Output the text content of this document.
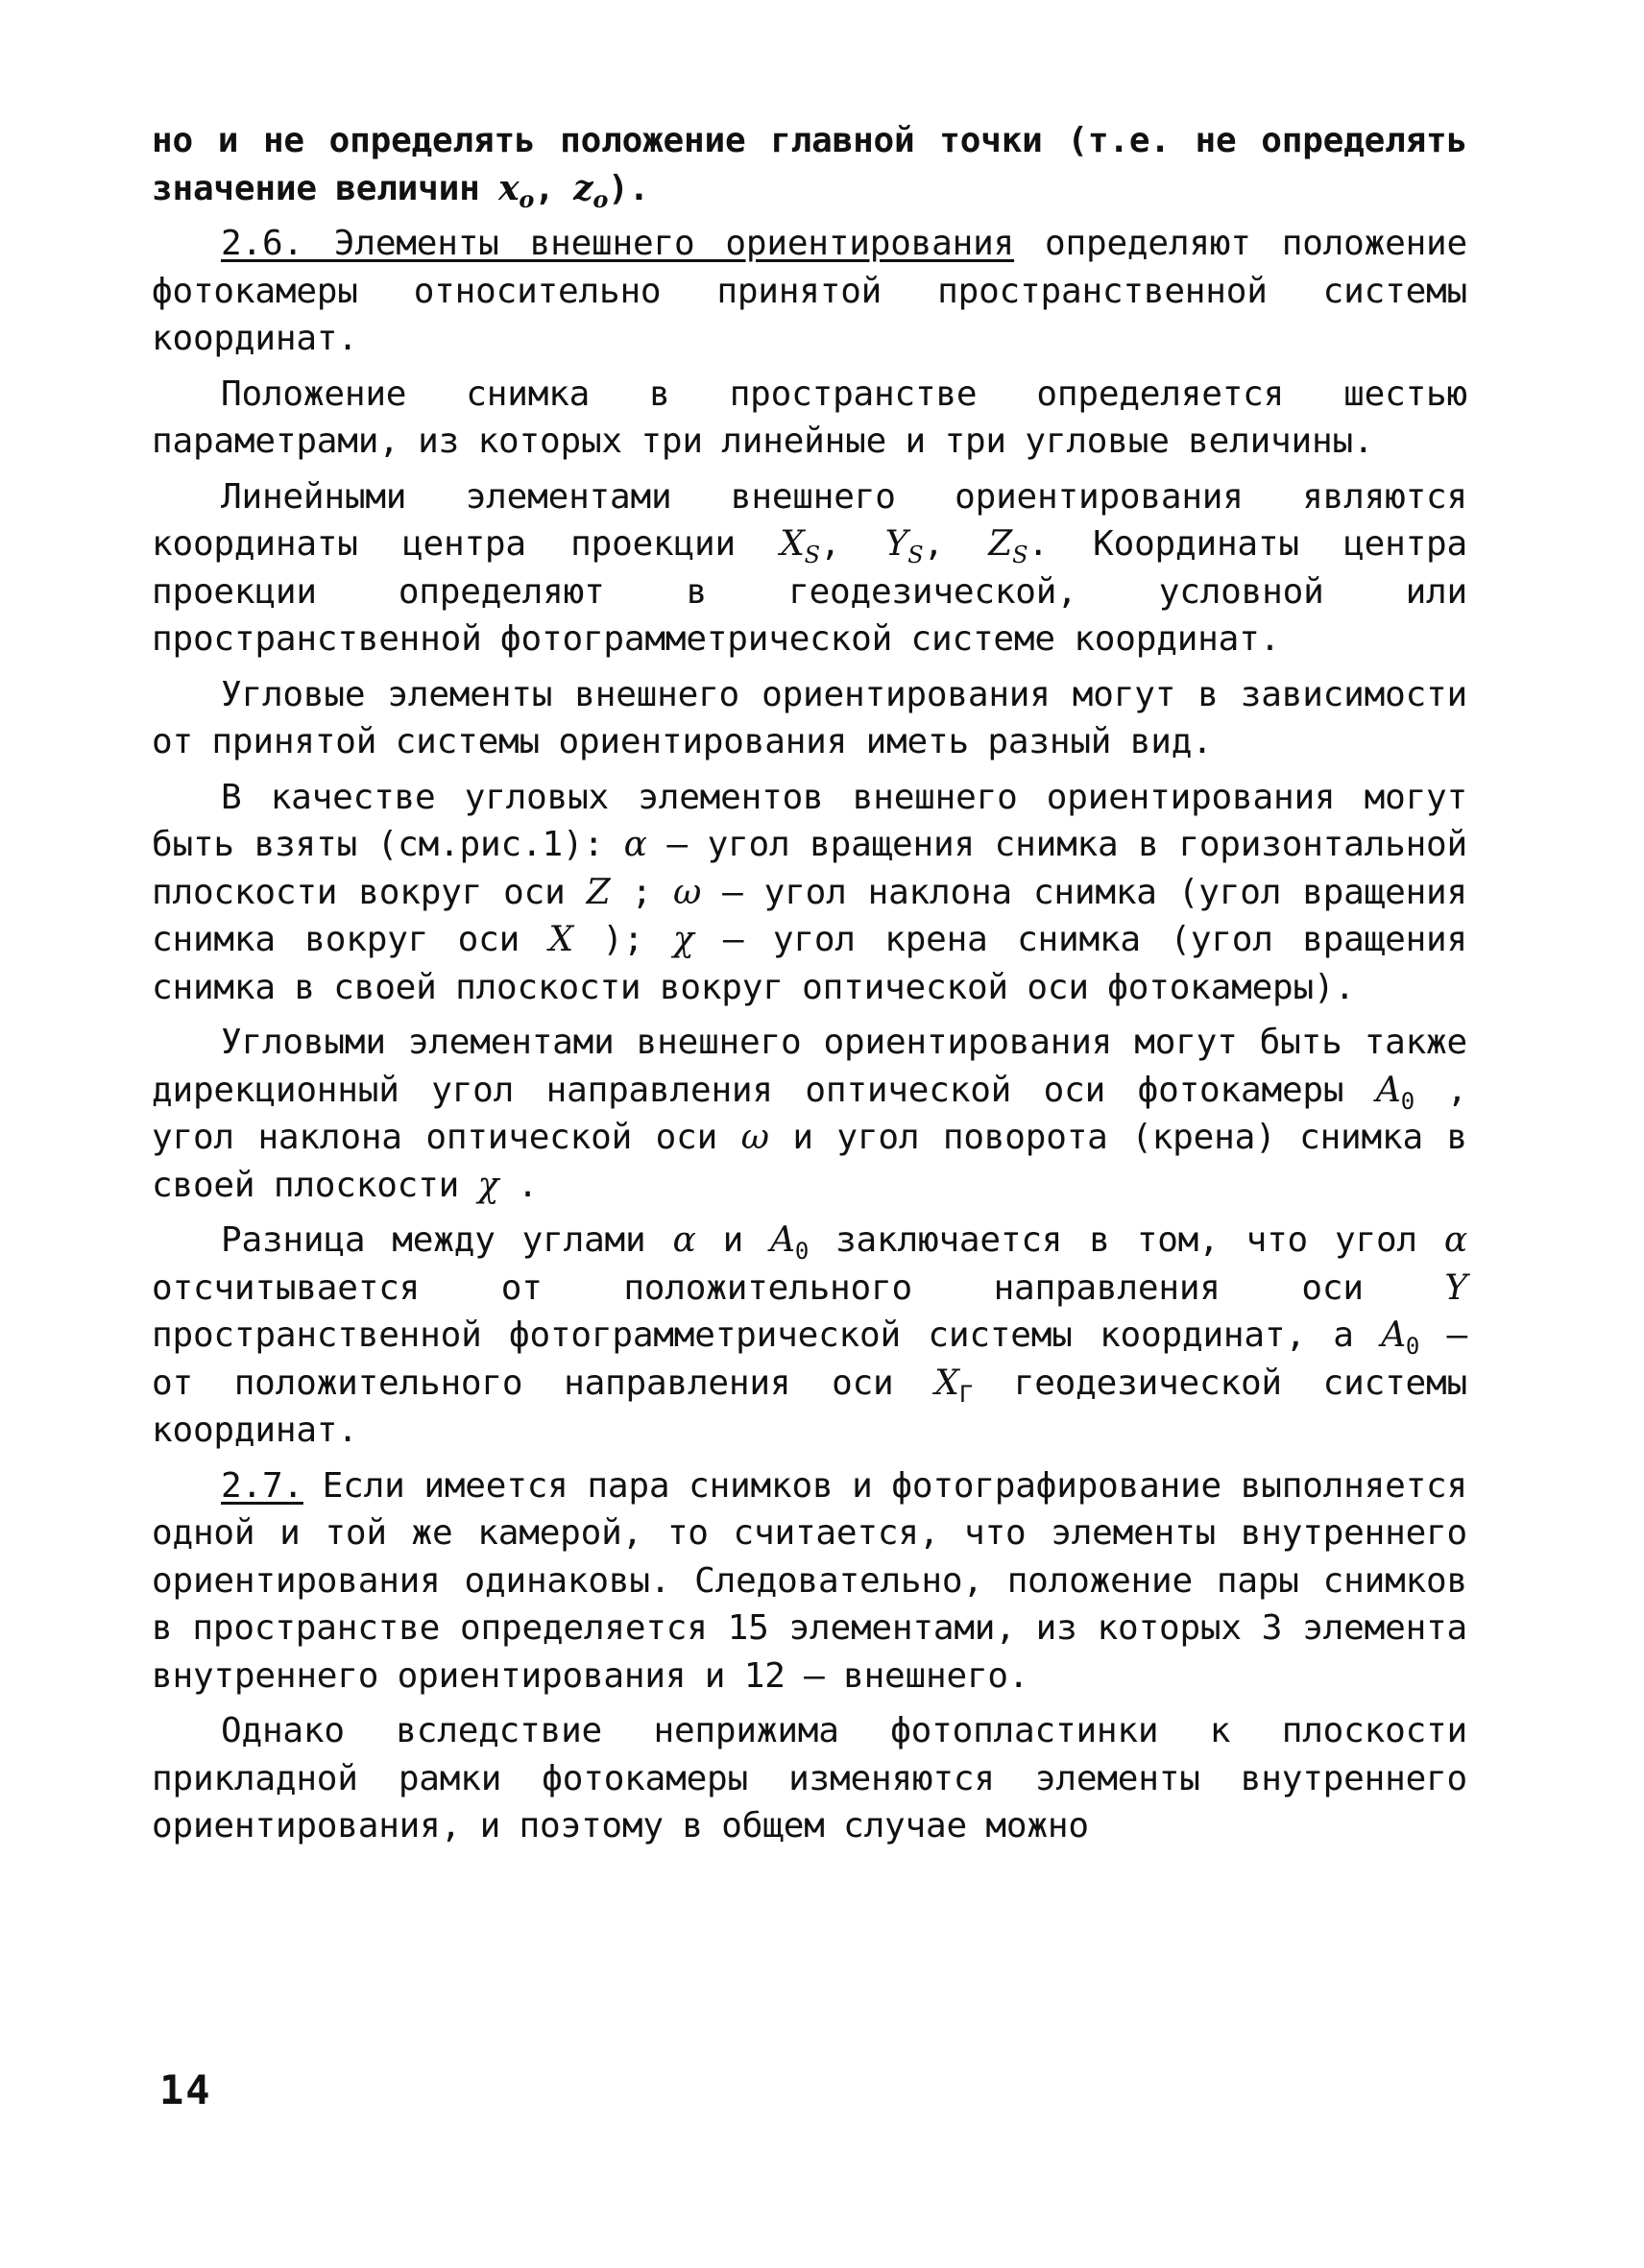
но и не определять положение главной точки (т.е. не определять значение величин $x_o$, $z_o$).

2.6. Элементы внешнего ориентирования определяют положение фотокамеры относительно принятой пространственной системы координат.

Положение снимка в пространстве определяется шестью параметрами, из которых три линейные и три угловые величины.

Линейными элементами внешнего ориентирования являются координаты центра проекции $X_S$, $Y_S$, $Z_S$. Координаты центра проекции определяют в геодезической, условной или пространственной фотограмметрической системе координат.

Угловые элементы внешнего ориентирования могут в зависимости от принятой системы ориентирования иметь разный вид.

В качестве угловых элементов внешнего ориентирования могут быть взяты (см.рис.1): α – угол вращения снимка в горизонтальной плоскости вокруг оси Z ; ω – угол наклона снимка (угол вращения снимка вокруг оси X ); χ – угол крена снимка (угол вращения снимка в своей плоскости вокруг оптической оси фотокамеры).

Угловыми элементами внешнего ориентирования могут быть также дирекционный угол направления оптической оси фотокамеры $A_0$ , угол наклона оптической оси ω и угол поворота (крена) снимка в своей плоскости χ .

Разница между углами α и $A_0$ заключается в том, что угол α отсчитывается от положительного направления оси Y пространственной фотограмметрической системы координат, а $A_0$ – от положительного направления оси $X_Г$ геодезической системы координат.

2.7. Если имеется пара снимков и фотографирование выполняется одной и той же камерой, то считается, что элементы внутреннего ориентирования одинаковы. Следовательно, положение пары снимков в пространстве определяется 15 элементами, из которых 3 элемента внутреннего ориентирования и 12 – внешнего.

Однако вследствие неприжима фотопластинки к плоскости прикладной рамки фотокамеры изменяются элементы внутреннего ориентирования, и поэтому в общем случае можно

14
